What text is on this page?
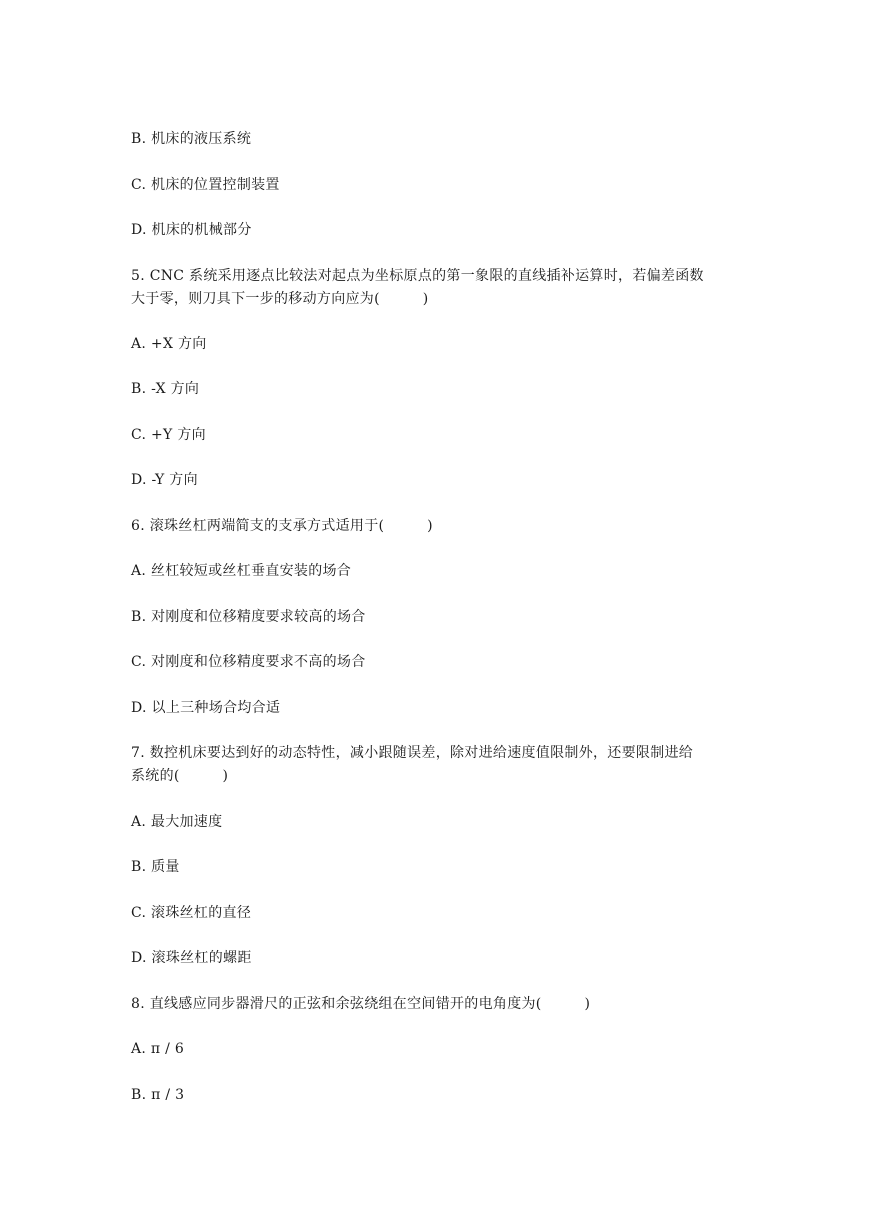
B. 机床的液压系统
C. 机床的位置控制装置
D. 机床的机械部分
5. CNC 系统采用逐点比较法对起点为坐标原点的第一象限的直线插补运算时，若偏差函数
大于零，则刀具下一步的移动方向应为(　　　)
A. +X 方向
B. -X 方向
C. +Y 方向
D. -Y 方向
6. 滚珠丝杠两端简支的支承方式适用于(　　　)
A. 丝杠较短或丝杠垂直安装的场合
B. 对刚度和位移精度要求较高的场合
C. 对刚度和位移精度要求不高的场合
D. 以上三种场合均合适
7. 数控机床要达到好的动态特性，减小跟随误差，除对进给速度值限制外，还要限制进给
系统的(　　　)
A. 最大加速度
B. 质量
C. 滚珠丝杠的直径
D. 滚珠丝杠的螺距
8. 直线感应同步器滑尺的正弦和余弦绕组在空间错开的电角度为(　　　)
A. π / 6
B. π / 3
